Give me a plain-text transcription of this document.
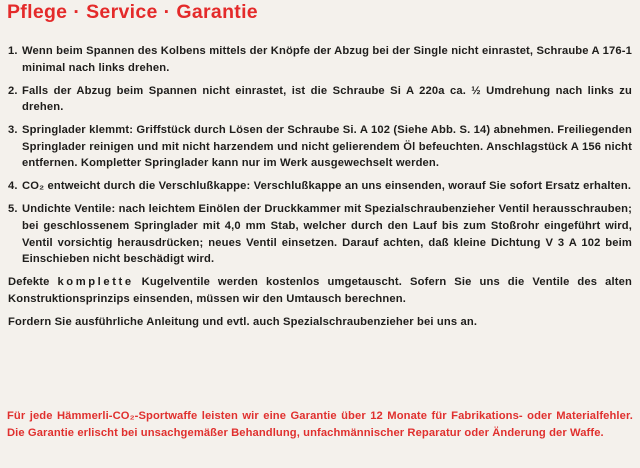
Pflege · Service · Garantie
1. Wenn beim Spannen des Kolbens mittels der Knöpfe der Abzug bei der Single nicht einrastet, Schraube A 176-1 minimal nach links drehen.
2. Falls der Abzug beim Spannen nicht einrastet, ist die Schraube Si A 220a ca. ½ Umdrehung nach links zu drehen.
3. Springlader klemmt: Griffstück durch Lösen der Schraube Si. A 102 (Siehe Abb. S. 14) abnehmen. Freiliegenden Springlader reinigen und mit nicht harzendem und nicht gelierendem Öl befeuchten. Anschlagstück A 156 nicht entfernen. Kompletter Springlader kann nur im Werk ausgewechselt werden.
4. CO₂ entweicht durch die Verschlußkappe: Verschlußkappe an uns einsenden, worauf Sie sofort Ersatz erhalten.
5. Undichte Ventile: nach leichtem Einölen der Druckkammer mit Spezialschraubenzieher Ventil herausschrauben; bei geschlossenem Springlader mit 4,0 mm Stab, welcher durch den Lauf bis zum Stoßrohr eingeführt wird, Ventil vorsichtig herausdrücken; neues Ventil einsetzen. Darauf achten, daß kleine Dichtung V 3 A 102 beim Einschieben nicht beschädigt wird.
Defekte komplette Kugelventile werden kostenlos umgetauscht. Sofern Sie uns die Ventile des alten Konstruktionsprinzips einsenden, müssen wir den Umtausch berechnen.
Fordern Sie ausführliche Anleitung und evtl. auch Spezialschraubenzieher bei uns an.
Für jede Hämmerli-CO₂-Sportwaffe leisten wir eine Garantie über 12 Monate für Fabrikations- oder Materialfehler. Die Garantie erlischt bei unsachgemäßer Behandlung, unfachmännischer Reparatur oder Änderung der Waffe.
